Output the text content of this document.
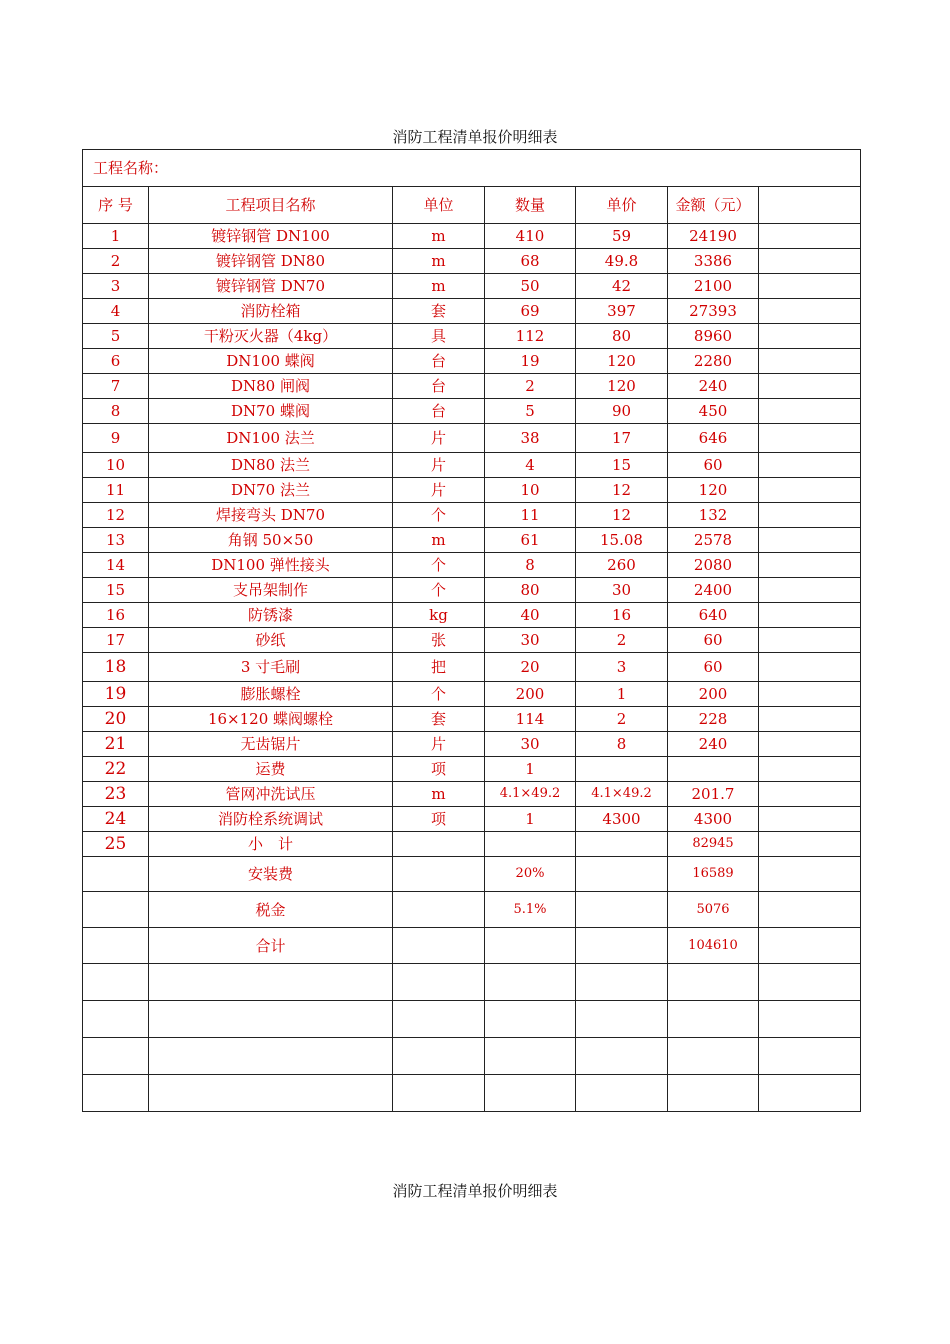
消防工程清单报价明细表
工程名称：						
序 号	工程项目名称	单位	数量	单价	金额（元）	
1	镀锌钢管 DN100	m	410	59	24190	
2	镀锌钢管 DN80	m	68	49.8	3386	
3	镀锌钢管 DN70	m	50	42	2100	
4	消防栓箱	套	69	397	27393	
5	干粉灭火器（4kg）	具	112	80	8960	
6	DN100 蝶阀	台	19	120	2280	
7	DN80 闸阀	台	2	120	240	
8	DN70 蝶阀	台	5	90	450	
9	DN100 法兰	片	38	17	646	
10	DN80 法兰	片	4	15	60	
11	DN70 法兰	片	10	12	120	
12	焊接弯头 DN70	个	11	12	132	
13	角钢 50×50	m	61	15.08	2578	
14	DN100 弹性接头	个	8	260	2080	
15	支吊架制作	个	80	30	2400	
16	防锈漆	kg	40	16	640	
17	砂纸	张	30	2	60	
18	3 寸毛刷	把	20	3	60	
19	膨胀螺栓	个	200	1	200	
20	16×120 蝶阀螺栓	套	114	2	228	
21	无齿锯片	片	30	8	240	
22	运费	项	1			
23	管网冲洗试压	m	4.1×49.2	4.1×49.2	201.7	
24	消防栓系统调试	项	1	4300	4300	
25	小　计				82945	
	安装费		20%		16589	
	税金		5.1%		5076	
	合计				104610	

消防工程清单报价明细表
